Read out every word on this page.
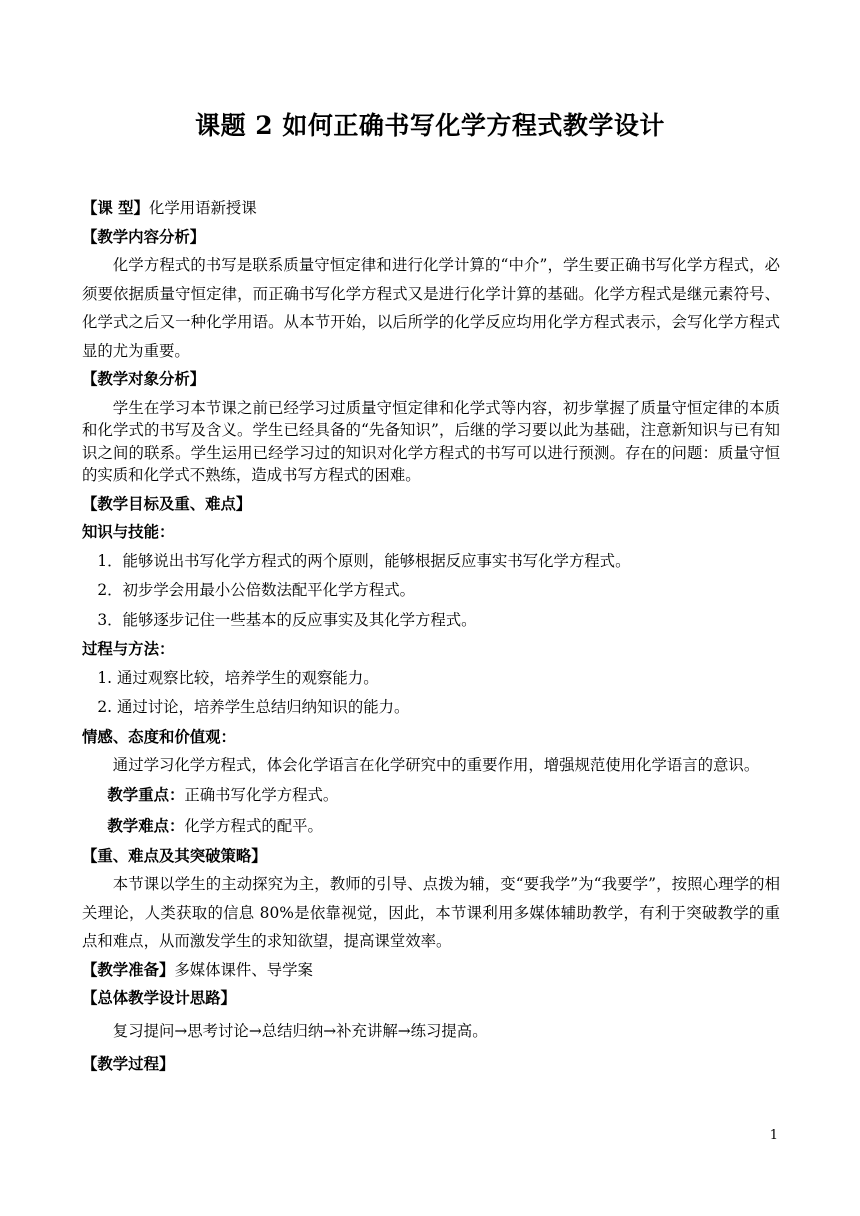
课题 2 如何正确书写化学方程式教学设计
【课 型】化学用语新授课
【教学内容分析】
化学方程式的书写是联系质量守恒定律和进行化学计算的“中介”，学生要正确书写化学方程式，必须要依据质量守恒定律，而正确书写化学方程式又是进行化学计算的基础。化学方程式是继元素符号、化学式之后又一种化学用语。从本节开始，以后所学的化学反应均用化学方程式表示，会写化学方程式显的尤为重要。
【教学对象分析】
学生在学习本节课之前已经学习过质量守恒定律和化学式等内容，初步掌握了质量守恒定律的本质和化学式的书写及含义。学生已经具备的“先备知识”，后继的学习要以此为基础，注意新知识与已有知识之间的联系。学生运用已经学习过的知识对化学方程式的书写可以进行预测。存在的问题：质量守恒的实质和化学式不熟练，造成书写方程式的困难。
【教学目标及重、难点】
知识与技能：
1．能够说出书写化学方程式的两个原则，能够根据反应事实书写化学方程式。
2．初步学会用最小公倍数法配平化学方程式。
3．能够逐步记住一些基本的反应事实及其化学方程式。
过程与方法：
1. 通过观察比较，培养学生的观察能力。
2. 通过讨论，培养学生总结归纳知识的能力。
情感、态度和价值观：
通过学习化学方程式，体会化学语言在化学研究中的重要作用，增强规范使用化学语言的意识。
教学重点：正确书写化学方程式。
教学难点：化学方程式的配平。
【重、难点及其突破策略】
本节课以学生的主动探究为主，教师的引导、点拨为辅，变“要我学”为“我要学”，按照心理学的相关理论，人类获取的信息 80%是依靠视觉，因此，本节课利用多媒体辅助教学，有利于突破教学的重点和难点，从而激发学生的求知欲望，提高课堂效率。
【教学准备】多媒体课件、导学案
【总体教学设计思路】
复习提问→思考讨论→总结归纳→补充讲解→练习提高。
【教学过程】
1
